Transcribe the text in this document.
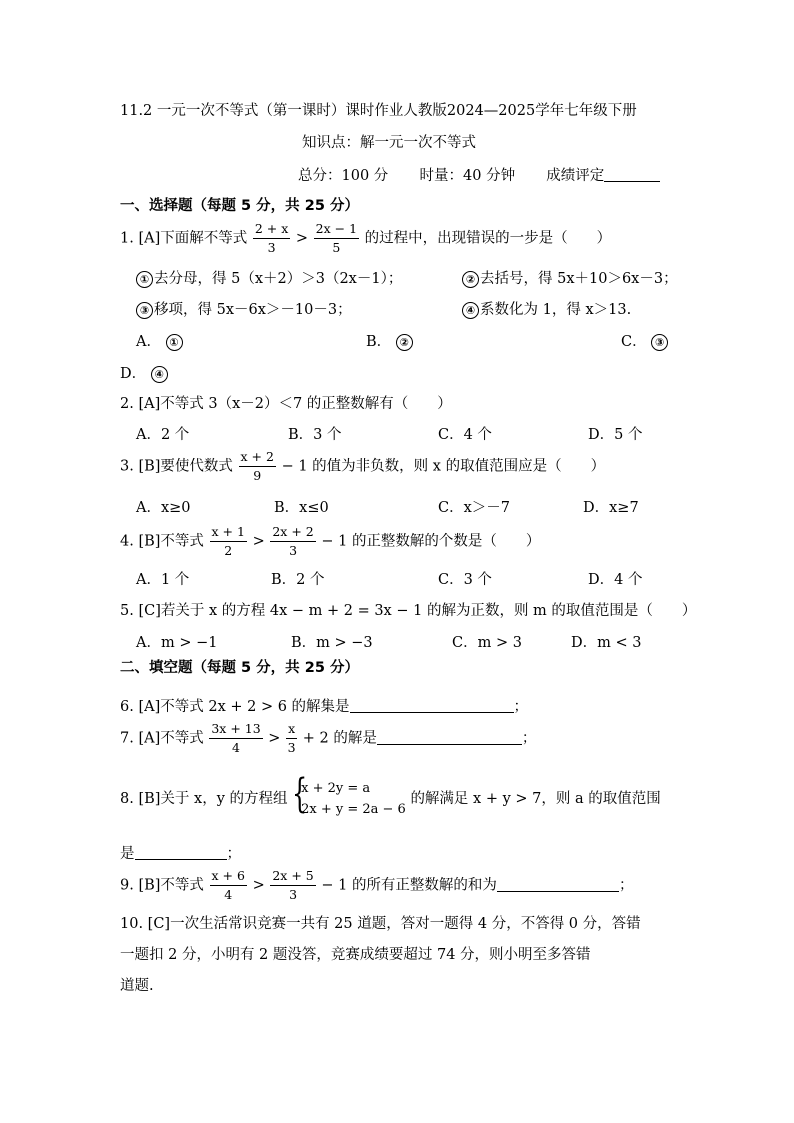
11.2 一元一次不等式（第一课时）课时作业人教版2024—2025学年七年级下册
知识点：解一元一次不等式
总分：100 分 时量：40 分钟 成绩评定
一、选择题（每题 5 分，共 25 分）
1. [A]下面解不等式 $\frac{2 + x}{3} > \frac{2x - 1}{5}$ 的过程中，出现错误的一步是（　　）
① 去分母，得 5（x＋2）＞3（2x－1）；	② 去括号，得 5x＋10＞6x－3；
③ 移项，得 5x－6x＞－10－3；	④ 系数化为 1，得 x＞13.
A． ①	B． ②	C． ③
D． ④
2. [A]不等式 3（x－2）＜7 的正整数解有（　　）
A．2 个	B．3 个	C．4 个	D．5 个
3. [B]要使代数式 $\frac{x + 2}{9} - 1$ 的值为非负数，则 x 的取值范围应是（　　）
A．x≥0	B．x≤0	C．x＞－7	D．x≥7
4. [B]不等式 $\frac{x + 1}{2} > \frac{2x + 2}{3} - 1$ 的正整数解的个数是（　　）
A．1 个	B．2 个	C．3 个	D．4 个
5. [C]若关于 x 的方程 4x − m + 2 = 3x − 1 的解为正数，则 m 的取值范围是（　　）
A．m > −1	B．m > −3	C．m > 3	D．m < 3
二、填空题（每题 5 分，共 25 分）
6. [A]不等式 2x + 2 > 6 的解集是	；
7. [A]不等式 $\frac{3x + 13}{4} > \frac{x}{3} + 2$ 的解是	；
8. [B]关于 x，y 的方程组 {
x + 2y = a
2x + y = 2a − 6
的解满足 x + y > 7，则 a 的取值范围
是	；
9. [B]不等式 $\frac{x + 6}{4} > \frac{2x + 5}{3} - 1$ 的所有正整数解的和为	；
10. [C]一次生活常识竞赛一共有 25 道题，答对一题得 4 分，不答得 0 分，答错
一题扣 2 分，小明有 2 题没答，竞赛成绩要超过 74 分，则小明至多答错
道题.
